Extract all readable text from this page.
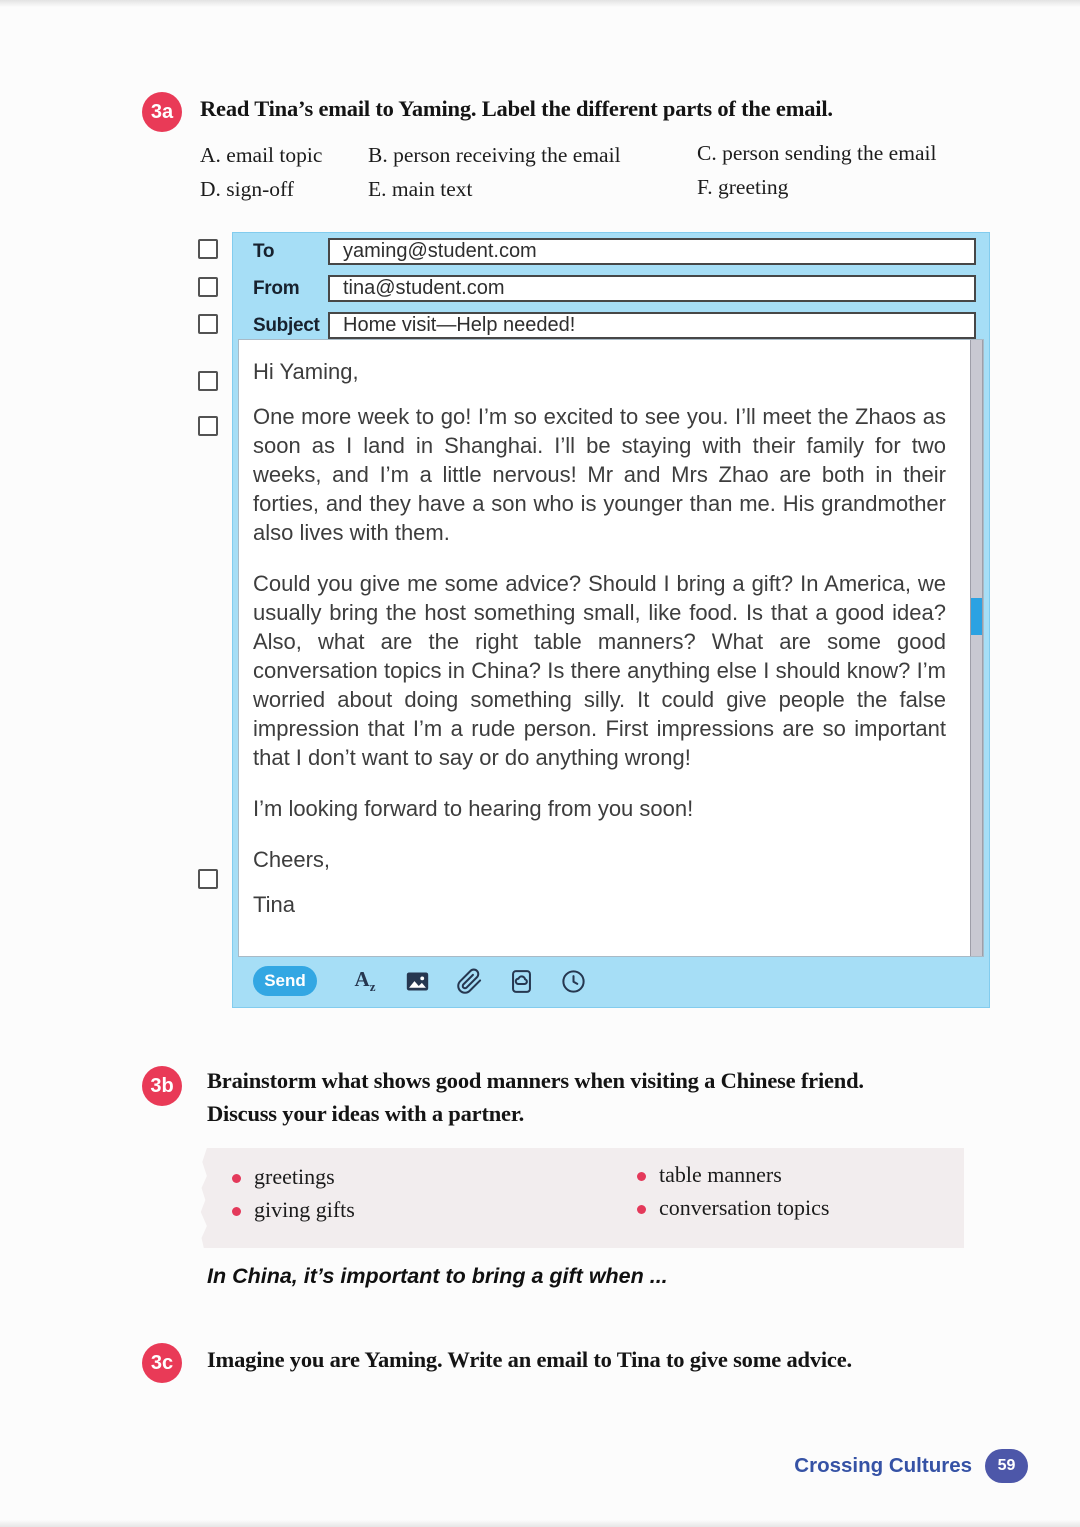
3a	Read Tina’s email to Yaming. Label the different parts of the email.
A. email topic B. person receiving the email	C. person sending the email
D. sign-off	E. main text	F. greeting
To	yaming@student.com
From	tina@student.com
Subject	Home visit—Help needed!

Hi Yaming,

One more week to go! I’m so excited to see you. I’ll meet the Zhaos as soon as I land in Shanghai. I’ll be staying with their family for two weeks, and I’m a little nervous! Mr and Mrs Zhao are both in their forties, and they have a son who is younger than me. His grandmother also lives with them.

Could you give me some advice? Should I bring a gift? In America, we usually bring the host something small, like food. Is that a good idea? Also, what are the right table manners? What are some good conversation topics in China? Is there anything else I should know? I’m worried about doing something silly. It could give people the false impression that I’m a rude person. First impressions are so important that I don’t want to say or do anything wrong!

I’m looking forward to hearing from you soon!

Cheers,

Tina

Send	$A_z$
3b	Brainstorm what shows good manners when visiting a Chinese friend.
Discuss your ideas with a partner.
greetings
giving gifts
table manners
conversation topics
In China, it’s important to bring a gift when ...
3c	Imagine you are Yaming. Write an email to Tina to give some advice.
Crossing Cultures	59
